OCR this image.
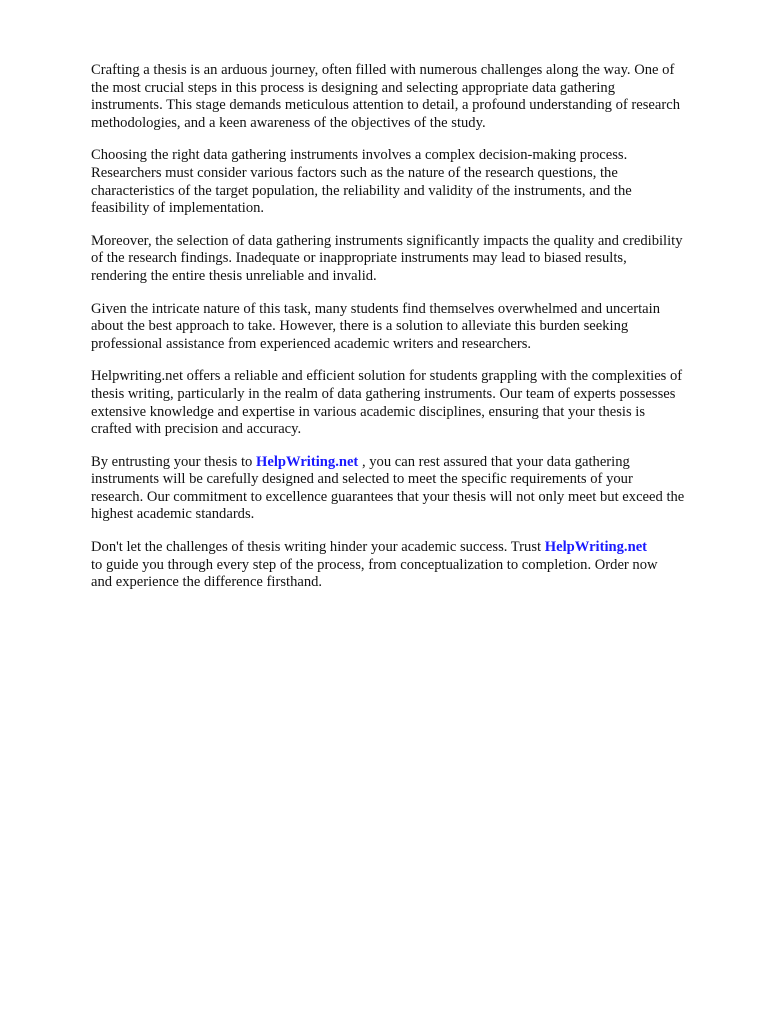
Crafting a thesis is an arduous journey, often filled with numerous challenges along the way. One of
the most crucial steps in this process is designing and selecting appropriate data gathering
instruments. This stage demands meticulous attention to detail, a profound understanding of research
methodologies, and a keen awareness of the objectives of the study.

Choosing the right data gathering instruments involves a complex decision-making process.
Researchers must consider various factors such as the nature of the research questions, the
characteristics of the target population, the reliability and validity of the instruments, and the
feasibility of implementation.

Moreover, the selection of data gathering instruments significantly impacts the quality and credibility
of the research findings. Inadequate or inappropriate instruments may lead to biased results,
rendering the entire thesis unreliable and invalid.

Given the intricate nature of this task, many students find themselves overwhelmed and uncertain
about the best approach to take. However, there is a solution to alleviate this burden seeking
professional assistance from experienced academic writers and researchers.

Helpwriting.net offers a reliable and efficient solution for students grappling with the complexities of
thesis writing, particularly in the realm of data gathering instruments. Our team of experts possesses
extensive knowledge and expertise in various academic disciplines, ensuring that your thesis is
crafted with precision and accuracy.

By entrusting your thesis to HelpWriting.net , you can rest assured that your data gathering
instruments will be carefully designed and selected to meet the specific requirements of your
research. Our commitment to excellence guarantees that your thesis will not only meet but exceed the
highest academic standards.

Don't let the challenges of thesis writing hinder your academic success. Trust HelpWriting.net
to guide you through every step of the process, from conceptualization to completion. Order now
and experience the difference firsthand.
